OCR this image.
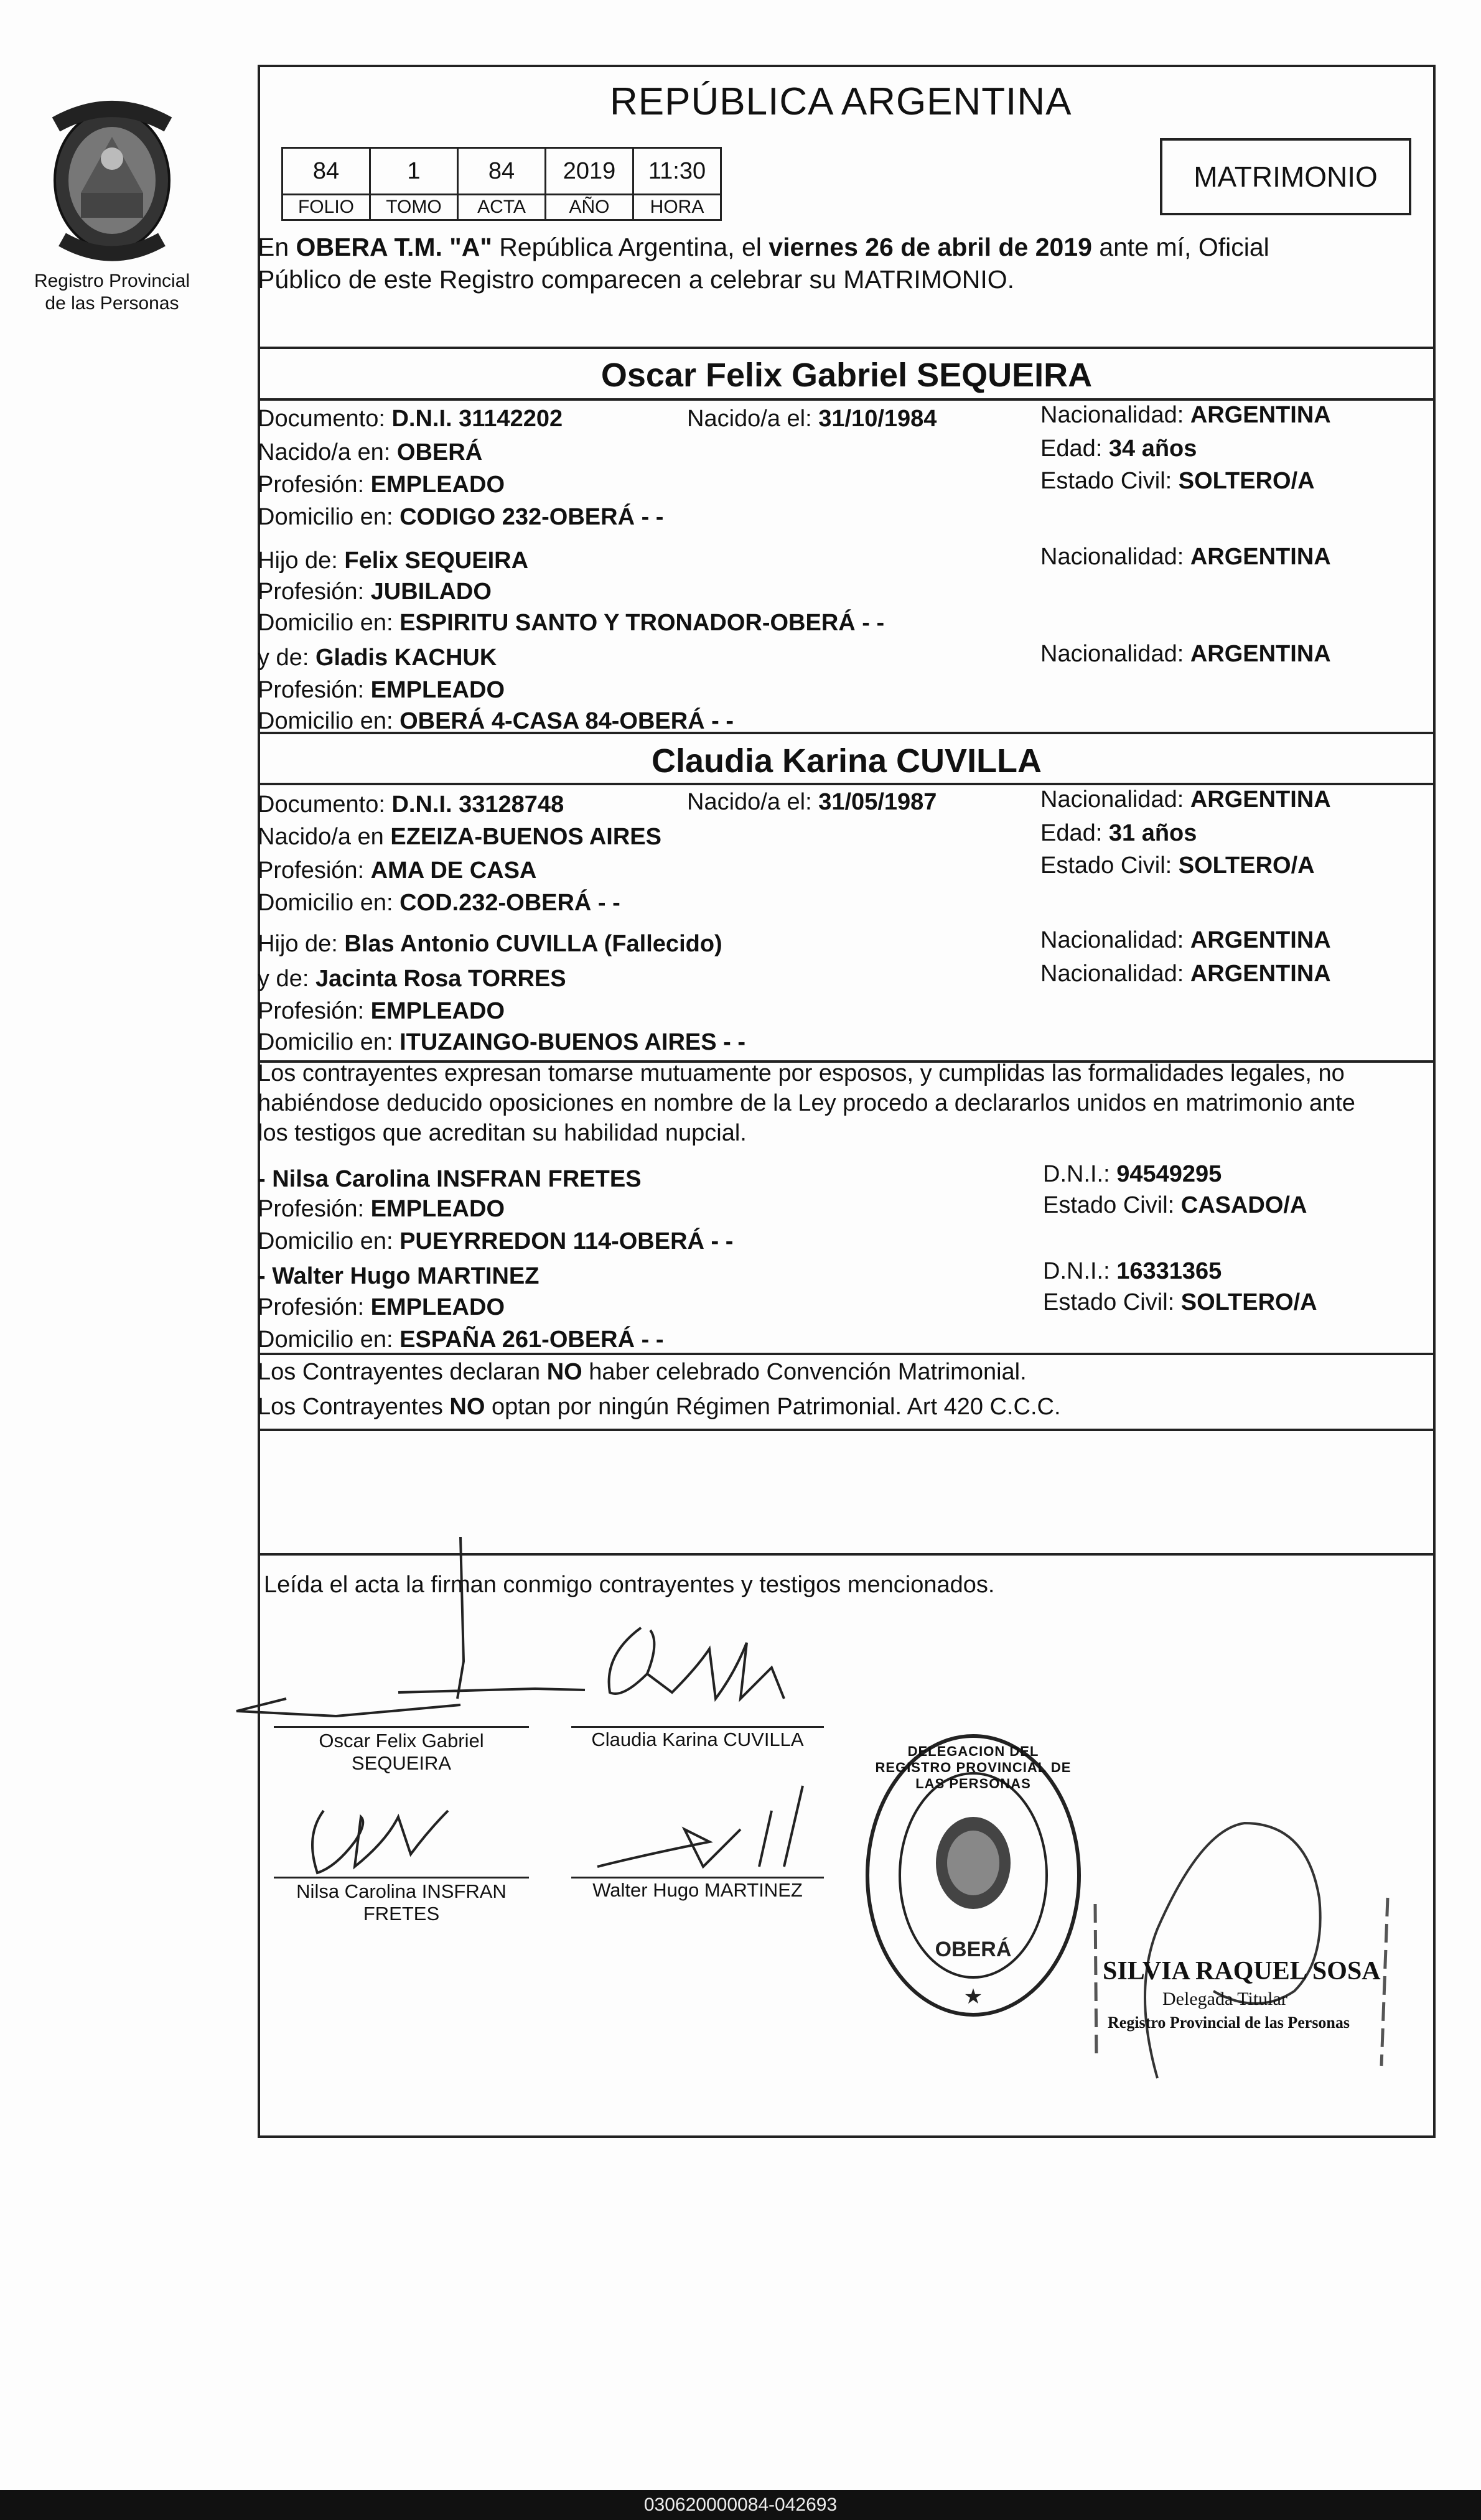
Registro Provincial
de las Personas
REPÚBLICA ARGENTINA
MATRIMONIO
84	1	84	2019	11:30
FOLIO	TOMO	ACTA	AÑO	HORA
En OBERA T.M. "A" República Argentina, el viernes 26 de abril de 2019 ante mí, Oficial
Público de este Registro comparecen a celebrar su MATRIMONIO.
Oscar Felix Gabriel SEQUEIRA
Documento: D.N.I. 31142202	Nacido/a el: 31/10/1984	Nacionalidad: ARGENTINA
Nacido/a en: OBERÁ	Edad: 34 años
Profesión: EMPLEADO	Estado Civil: SOLTERO/A
Domicilio en: CODIGO 232-OBERÁ - -
Hijo de: Felix SEQUEIRA	Nacionalidad: ARGENTINA
Profesión: JUBILADO
Domicilio en: ESPIRITU SANTO Y TRONADOR-OBERÁ - -
y de: Gladis KACHUK	Nacionalidad: ARGENTINA
Profesión: EMPLEADO
Domicilio en: OBERÁ 4-CASA 84-OBERÁ - -
Claudia Karina CUVILLA
Documento: D.N.I. 33128748	Nacido/a el: 31/05/1987	Nacionalidad: ARGENTINA
Nacido/a en EZEIZA-BUENOS AIRES	Edad: 31 años
Profesión: AMA DE CASA	Estado Civil: SOLTERO/A
Domicilio en: COD.232-OBERÁ - -
Hijo de: Blas Antonio CUVILLA (Fallecido)	Nacionalidad: ARGENTINA
y de: Jacinta Rosa TORRES	Nacionalidad: ARGENTINA
Profesión: EMPLEADO
Domicilio en: ITUZAINGO-BUENOS AIRES - -
Los contrayentes expresan tomarse mutuamente por esposos, y cumplidas las formalidades legales, no
habiéndose deducido oposiciones en nombre de la Ley procedo a declararlos unidos en matrimonio ante
los testigos que acreditan su habilidad nupcial.
- Nilsa Carolina INSFRAN FRETES	D.N.I.: 94549295
Profesión: EMPLEADO	Estado Civil: CASADO/A
Domicilio en: PUEYRREDON 114-OBERÁ - -
- Walter Hugo MARTINEZ	D.N.I.: 16331365
Profesión: EMPLEADO	Estado Civil: SOLTERO/A
Domicilio en: ESPAÑA 261-OBERÁ - -
Los Contrayentes declaran NO haber celebrado Convención Matrimonial.
Los Contrayentes NO optan por ningún Régimen Patrimonial. Art 420 C.C.C.
Leída el acta la firman conmigo contrayentes y testigos mencionados.
Oscar Felix Gabriel
SEQUEIRA
Claudia Karina CUVILLA
Nilsa Carolina INSFRAN
FRETES
Walter Hugo MARTINEZ
OBERÁ
★
DELEGACION DEL REGISTRO PROVINCIAL DE LAS PERSONAS
SILVIA RAQUEL SOSA
Delegada Titular
Registro Provincial de las Personas
030620000084-042693
